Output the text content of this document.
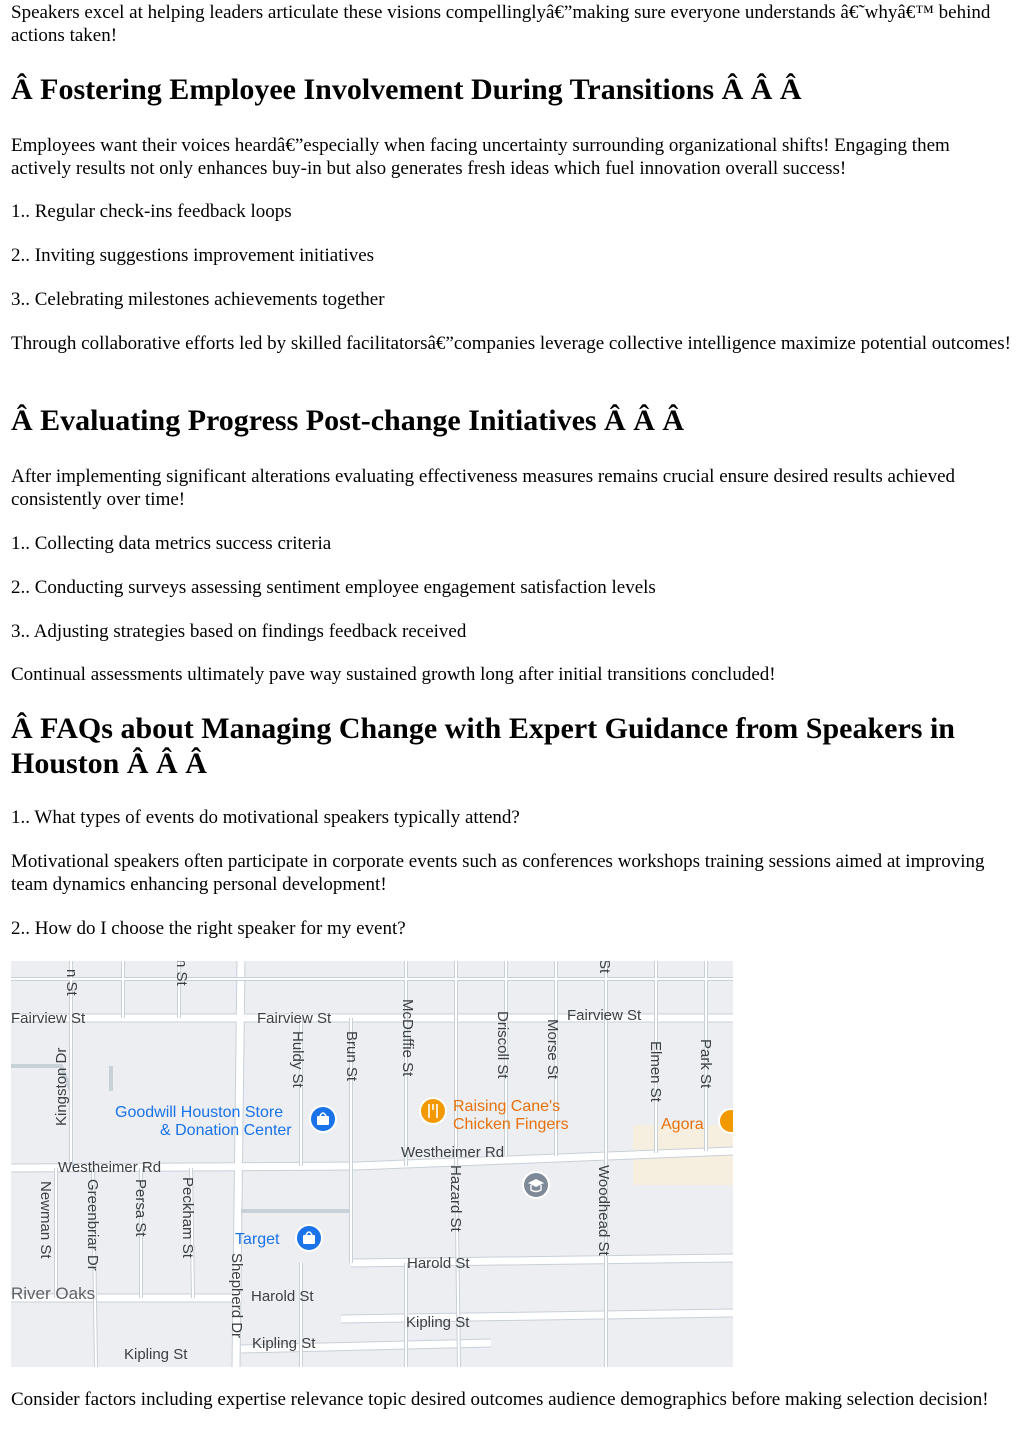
Speakers excel at helping leaders articulate these visions compellinglyâ€”making sure everyone understands â€˜whyâ€™ behind actions taken!

Â Fostering Employee Involvement During Transitions Â Â Â

Employees want their voices heardâ€”especially when facing uncertainty surrounding organizational shifts! Engaging them actively results not only enhances buy-in but also generates fresh ideas which fuel innovation overall success!

1.. Regular check-ins feedback loops

2.. Inviting suggestions improvement initiatives

3.. Celebrating milestones achievements together

Through collaborative efforts led by skilled facilitatorsâ€”companies leverage collective intelligence maximize potential outcomes!

Â Evaluating Progress Post-change Initiatives Â Â Â

After implementing significant alterations evaluating effectiveness measures remains crucial ensure desired results achieved consistently over time!

1.. Collecting data metrics success criteria

2.. Conducting surveys assessing sentiment employee engagement satisfaction levels

3.. Adjusting strategies based on findings feedback received

Continual assessments ultimately pave way sustained growth long after initial transitions concluded!

Â FAQs about Managing Change with Expert Guidance from Speakers in Houston Â Â Â

1.. What types of events do motivational speakers typically attend?

Motivational speakers often participate in corporate events such as conferences workshops training sessions aimed at improving team dynamics enhancing personal development!

2.. How do I choose the right speaker for my event?

Fairview St	Fairview St	Fairview St
Westheimer Rd
Westheimer Rd
Harold St
Harold St
Kipling St
Kipling St
Kipling St
River Oaks
Kingston Dr
n St	n St	St
Newman St Greenbriar Dr Persa St Peckham St
Shepherd Dr
Huldy St Brun St	McDuffie St	Driscoll St Morse St	Elmen St Park St
Hazard St	Woodhead St
Goodwill Houston Store
& Donation Center
Raising Cane's
Chicken Fingers	Agora
Target

Consider factors including expertise relevance topic desired outcomes audience demographics before making selection decision!
